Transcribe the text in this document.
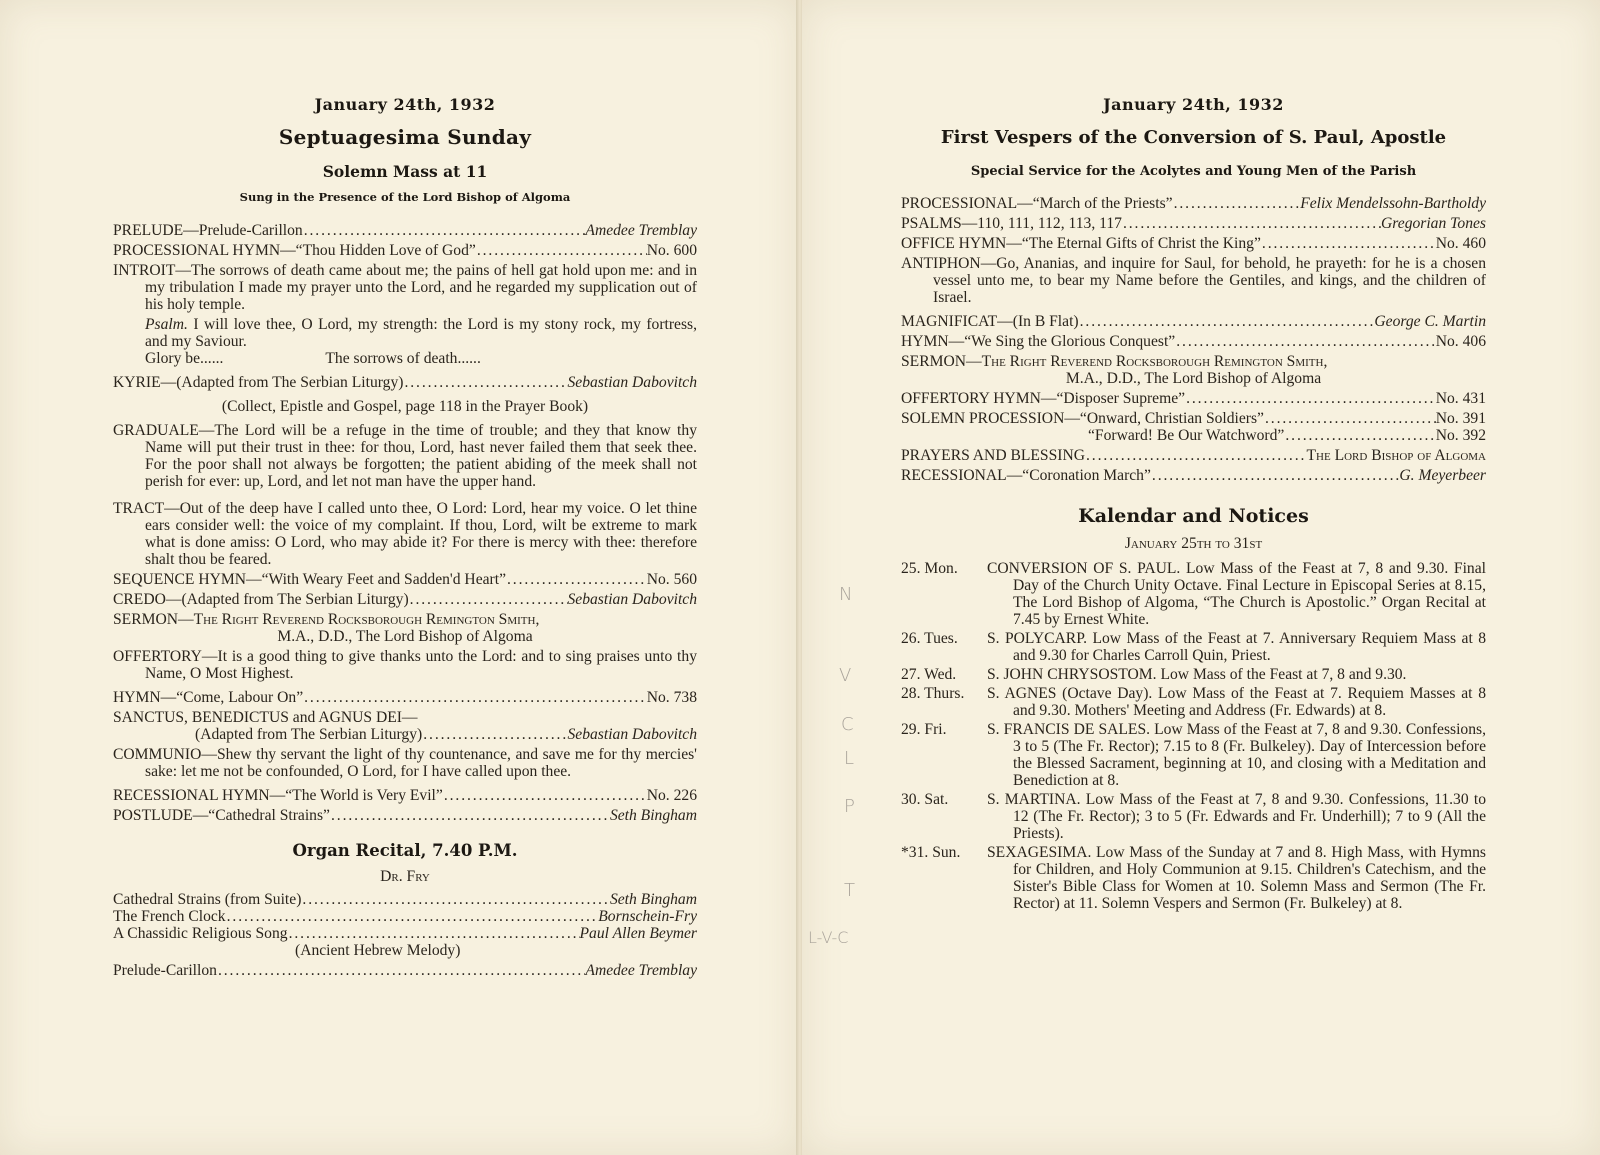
January 24th, 1932
Septuagesima Sunday
Solemn Mass at 11
Sung in the Presence of the Lord Bishop of Algoma
PRELUDE—Prelude-Carillon . . .	Amedee Tremblay
PROCESSIONAL HYMN—“Thou Hidden Love of God” . . .	No. 600
INTROIT—The sorrows of death came about me; the pains of hell gat hold upon me: and in my tribulation I made my prayer unto the Lord, and he regarded my supplication out of his holy temple.
Psalm. I will love thee, O Lord, my strength: the Lord is my stony rock, my fortress, and my Saviour.
Glory be......	The sorrows of death......
KYRIE—(Adapted from The Serbian Liturgy) . . .	Sebastian Dabovitch
(Collect, Epistle and Gospel, page 118 in the Prayer Book)
GRADUALE—The Lord will be a refuge in the time of trouble; and they that know thy Name will put their trust in thee: for thou, Lord, hast never failed them that seek thee. For the poor shall not always be forgotten; the patient abiding of the meek shall not perish for ever: up, Lord, and let not man have the upper hand.
TRACT—Out of the deep have I called unto thee, O Lord: Lord, hear my voice. O let thine ears consider well: the voice of my complaint. If thou, Lord, wilt be extreme to mark what is done amiss: O Lord, who may abide it? For there is mercy with thee: therefore shalt thou be feared.
SEQUENCE HYMN—“With Weary Feet and Sadden'd Heart” . . .	No. 560
CREDO—(Adapted from The Serbian Liturgy) . . .	Sebastian Dabovitch
SERMON—The Right Reverend Rocksborough Remington Smith,
M.A., D.D., The Lord Bishop of Algoma
OFFERTORY—It is a good thing to give thanks unto the Lord: and to sing praises unto thy Name, O Most Highest.
HYMN—“Come, Labour On” . . .	No. 738
SANCTUS, BENEDICTUS and AGNUS DEI—
(Adapted from The Serbian Liturgy) . . .	Sebastian Dabovitch
COMMUNIO—Shew thy servant the light of thy countenance, and save me for thy mercies' sake: let me not be confounded, O Lord, for I have called upon thee.
RECESSIONAL HYMN—“The World is Very Evil” . . .	No. 226
POSTLUDE—“Cathedral Strains” . . .	Seth Bingham
Organ Recital, 7.40 P.M.
Dr. Fry
Cathedral Strains (from Suite) . . .	Seth Bingham
The French Clock . . .	Bornschein-Fry
A Chassidic Religious Song . . .	Paul Allen Beymer
(Ancient Hebrew Melody)
Prelude-Carillon . . .	Amedee Tremblay
January 24th, 1932
First Vespers of the Conversion of S. Paul, Apostle
Special Service for the Acolytes and Young Men of the Parish
PROCESSIONAL—“March of the Priests” . . .	Felix Mendelssohn-Bartholdy
PSALMS—110, 111, 112, 113, 117 . . .	Gregorian Tones
OFFICE HYMN—“The Eternal Gifts of Christ the King” . . .	No. 460
ANTIPHON—Go, Ananias, and inquire for Saul, for behold, he prayeth: for he is a chosen vessel unto me, to bear my Name before the Gentiles, and kings, and the children of Israel.
MAGNIFICAT—(In B Flat) . . .	George C. Martin
HYMN—“We Sing the Glorious Conquest” . . .	No. 406
SERMON—The Right Reverend Rocksborough Remington Smith,
M.A., D.D., The Lord Bishop of Algoma
OFFERTORY HYMN—“Disposer Supreme” . . .	No. 431
SOLEMN PROCESSION—“Onward, Christian Soldiers” . . .	No. 391
“Forward! Be Our Watchword” . . .	No. 392
PRAYERS AND BLESSING . . .	The Lord Bishop of Algoma
RECESSIONAL—“Coronation March” . . .	G. Meyerbeer
Kalendar and Notices
January 25th to 31st
25. Mon.	CONVERSION OF S. PAUL. Low Mass of the Feast at 7, 8 and 9.30. Final Day of the Church Unity Octave. Final Lecture in Episcopal Series at 8.15, The Lord Bishop of Algoma, “The Church is Apostolic.” Organ Recital at 7.45 by Ernest White.
26. Tues.	S. POLYCARP. Low Mass of the Feast at 7. Anniversary Requiem Mass at 8 and 9.30 for Charles Carroll Quin, Priest.
27. Wed.	S. JOHN CHRYSOSTOM. Low Mass of the Feast at 7, 8 and 9.30.
28. Thurs.	S. AGNES (Octave Day). Low Mass of the Feast at 7. Requiem Masses at 8 and 9.30. Mothers' Meeting and Address (Fr. Edwards) at 8.
29. Fri.	S. FRANCIS DE SALES. Low Mass of the Feast at 7, 8 and 9.30. Confessions, 3 to 5 (The Fr. Rector); 7.15 to 8 (Fr. Bulkeley). Day of Intercession before the Blessed Sacrament, beginning at 10, and closing with a Meditation and Benediction at 8.
30. Sat.	S. MARTINA. Low Mass of the Feast at 7, 8 and 9.30. Confessions, 11.30 to 12 (The Fr. Rector); 3 to 5 (Fr. Edwards and Fr. Underhill); 7 to 9 (All the Priests).
*31. Sun.	SEXAGESIMA. Low Mass of the Sunday at 7 and 8. High Mass, with Hymns for Children, and Holy Communion at 9.15. Children's Catechism, and the Sister's Bible Class for Women at 10. Solemn Mass and Sermon (The Fr. Rector) at 11. Solemn Vespers and Sermon (Fr. Bulkeley) at 8.
N
V
C
L
P
T
L-V-C
